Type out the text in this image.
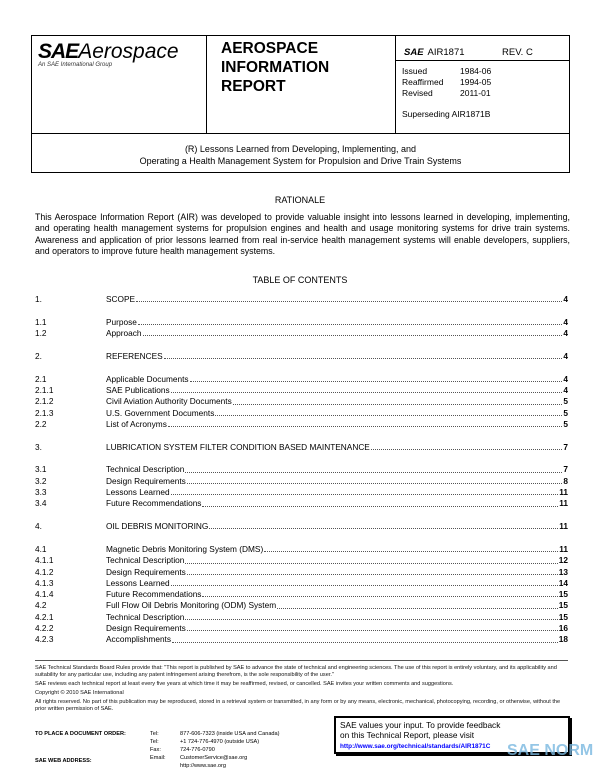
SAEAerospace
An SAE International Group
AEROSPACE
INFORMATION
REPORT
SAE AIR1871	REV. C
Issued	1984-06
Reaffirmed 1994-05
Revised	2011-01
Superseding AIR1871B
(R) Lessons Learned from Developing, Implementing, and
Operating a Health Management System for Propulsion and Drive Train Systems
RATIONALE
This Aerospace Information Report (AIR) was developed to provide valuable insight into lessons learned in developing, implementing, and operating health management systems for propulsion engines and health and usage monitoring systems for drive train systems. Awareness and application of prior lessons learned from real in-service health management systems will enable developers, suppliers, and operators to improve future health management systems.
TABLE OF CONTENTS
1.	SCOPE	4
1.1	Purpose	4
1.2	Approach	4
2.	REFERENCES	4
2.1	Applicable Documents	4
2.1.1	SAE Publications	4
2.1.2	Civil Aviation Authority Documents	5
2.1.3	U.S. Government Documents	5
2.2	List of Acronyms	5
3.	LUBRICATION SYSTEM FILTER CONDITION BASED MAINTENANCE	7
3.1	Technical Description	7
3.2	Design Requirements	8
3.3	Lessons Learned	11
3.4	Future Recommendations	11
4.	OIL DEBRIS MONITORING	11
4.1	Magnetic Debris Monitoring System (DMS)	11
4.1.1	Technical Description	12
4.1.2	Design Requirements	13
4.1.3	Lessons Learned	14
4.1.4	Future Recommendations	15
4.2	Full Flow Oil Debris Monitoring (ODM) System	15
4.2.1	Technical Description	15
4.2.2	Design Requirements	16
4.2.3	Accomplishments	18

SAE Technical Standards Board Rules provide that: "This report is published by SAE to advance the state of technical and engineering sciences. The use of this report is entirely voluntary, and its applicability and suitability for any particular use, including any patent infringement arising therefrom, is the sole responsibility of the user."

SAE reviews each technical report at least every five years at which time it may be reaffirmed, revised, or cancelled. SAE invites your written comments and suggestions.

Copyright © 2010 SAE International

All rights reserved. No part of this publication may be reproduced, stored in a retrieval system or transmitted, in any form or by any means, electronic, mechanical, photocopying, recording, or otherwise, without the prior written permission of SAE.

TO PLACE A DOCUMENT ORDER:
SAE WEB ADDRESS:
Tel:	877-606-7323 (inside USA and Canada)
Tel:	+1 724-776-4970 (outside USA)
Fax:	724-776-0790
Email:	CustomerService@sae.org
http://www.sae.org
SAE values your input. To provide feedback
on this Technical Report, please visit
http://www.sae.org/technical/standards/AIR1871C	SAE NORM
